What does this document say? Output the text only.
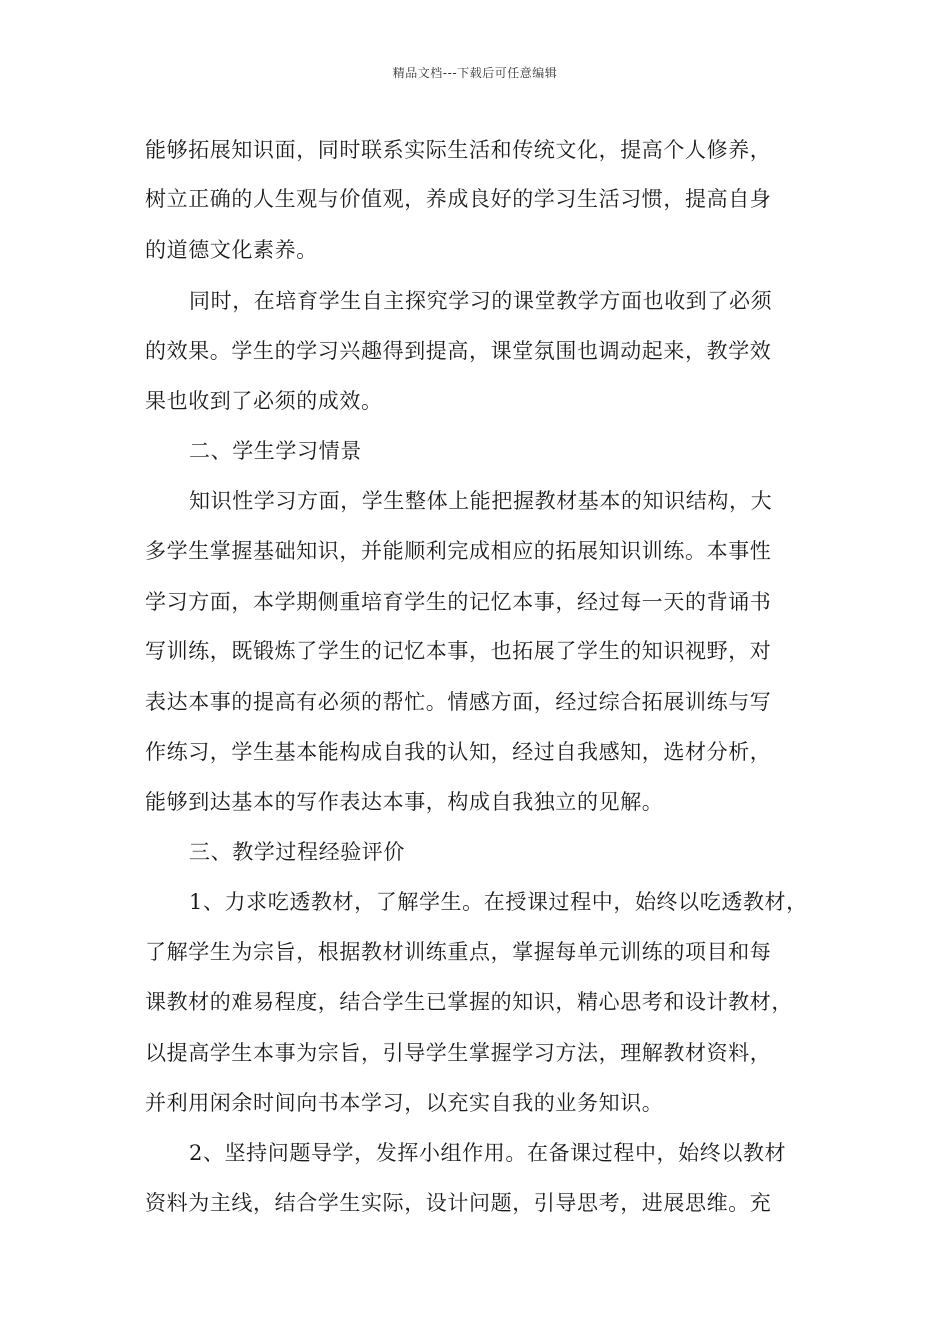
精品文档---下载后可任意编辑
能够拓展知识面，同时联系实际生活和传统文化，提高个人修养，
树立正确的人生观与价值观，养成良好的学习生活习惯，提高自身
的道德文化素养。
同时，在培育学生自主探究学习的课堂教学方面也收到了必须
的效果。学生的学习兴趣得到提高，课堂氛围也调动起来，教学效
果也收到了必须的成效。
二、学生学习情景
知识性学习方面，学生整体上能把握教材基本的知识结构，大
多学生掌握基础知识，并能顺利完成相应的拓展知识训练。本事性
学习方面，本学期侧重培育学生的记忆本事，经过每一天的背诵书
写训练，既锻炼了学生的记忆本事，也拓展了学生的知识视野，对
表达本事的提高有必须的帮忙。情感方面，经过综合拓展训练与写
作练习，学生基本能构成自我的认知，经过自我感知，选材分析，
能够到达基本的写作表达本事，构成自我独立的见解。
三、教学过程经验评价
1、力求吃透教材，了解学生。在授课过程中，始终以吃透教材，
了解学生为宗旨，根据教材训练重点，掌握每单元训练的项目和每
课教材的难易程度，结合学生已掌握的知识，精心思考和设计教材，
以提高学生本事为宗旨，引导学生掌握学习方法，理解教材资料，
并利用闲余时间向书本学习，以充实自我的业务知识。
2、坚持问题导学，发挥小组作用。在备课过程中，始终以教材
资料为主线，结合学生实际，设计问题，引导思考，进展思维。充
